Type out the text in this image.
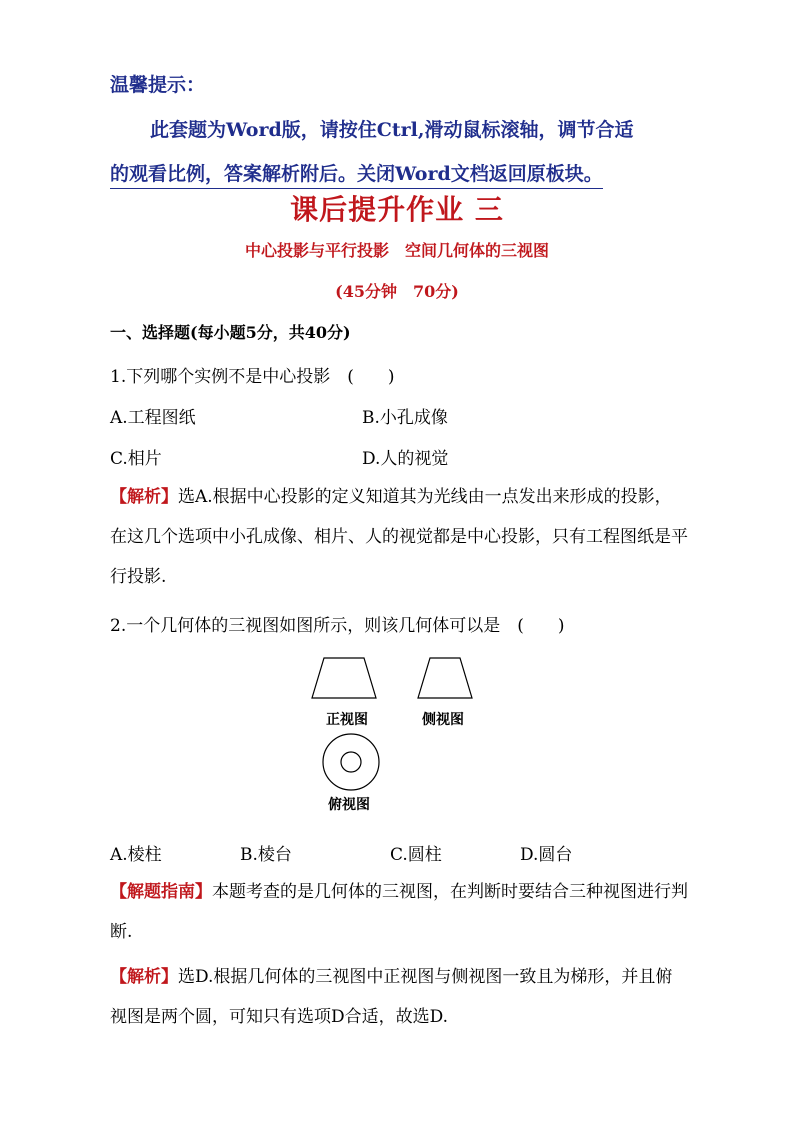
温馨提示：
此套题为Word版，请按住Ctrl,滑动鼠标滚轴，调节合适
的观看比例，答案解析附后。关闭Word文档返回原板块。
课后提升作业 三
中心投影与平行投影　空间几何体的三视图
(45分钟　70分)
一、选择题(每小题5分，共40分)
1.下列哪个实例不是中心投影　(　　)
A.工程图纸	B.小孔成像
C.相片	D.人的视觉
【解析】选A.根据中心投影的定义知道其为光线由一点发出来形成的投影，在这几个选项中小孔成像、相片、人的视觉都是中心投影，只有工程图纸是平行投影.
2.一个几何体的三视图如图所示，则该几何体可以是　(　　)
正视图	侧视图
俯视图
A.棱柱	B.棱台	C.圆柱	D.圆台
【解题指南】本题考查的是几何体的三视图，在判断时要结合三种视图进行判断.
【解析】选D.根据几何体的三视图中正视图与侧视图一致且为梯形，并且俯视图是两个圆，可知只有选项D合适，故选D.
